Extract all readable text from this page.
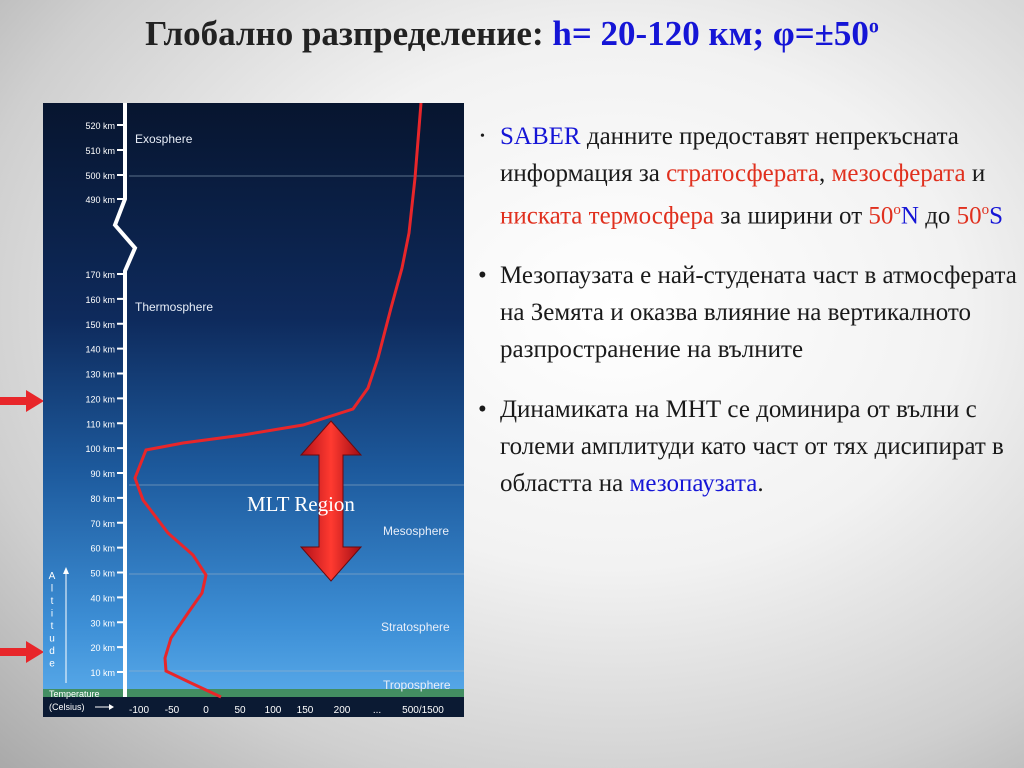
Глобално разпределение: h= 20-120 км; $\varphi=\pm 50^o$
520 km
510 km
500 km
490 km
170 km
160 km
150 km
140 km
130 km
120 km
110 km
100 km
90 km
80 km
70 km
60 km
50 km
40 km
30 km
20 km
10 km
-100 -50 0	50 100 150 200 ... 500/1500
Exosphere
Thermosphere
Mesosphere
Stratosphere
Troposphere
MLT Region
Temperature
(Celsius)
A
l
t
i
t
u
d
e
• SABER данните предоставят непрекъсната информация за стратосферата, мезосферата и ниската термосфера за ширини от 50$^o$N до 50$^o$S
• Мезопаузата е най-студената част в атмосферата на Земята и оказва влияние на вертикалното разпространение на вълните
• Динамиката на МНТ се доминира от вълни с големи амплитуди като част от тях дисипират в областта на мезопаузата.
